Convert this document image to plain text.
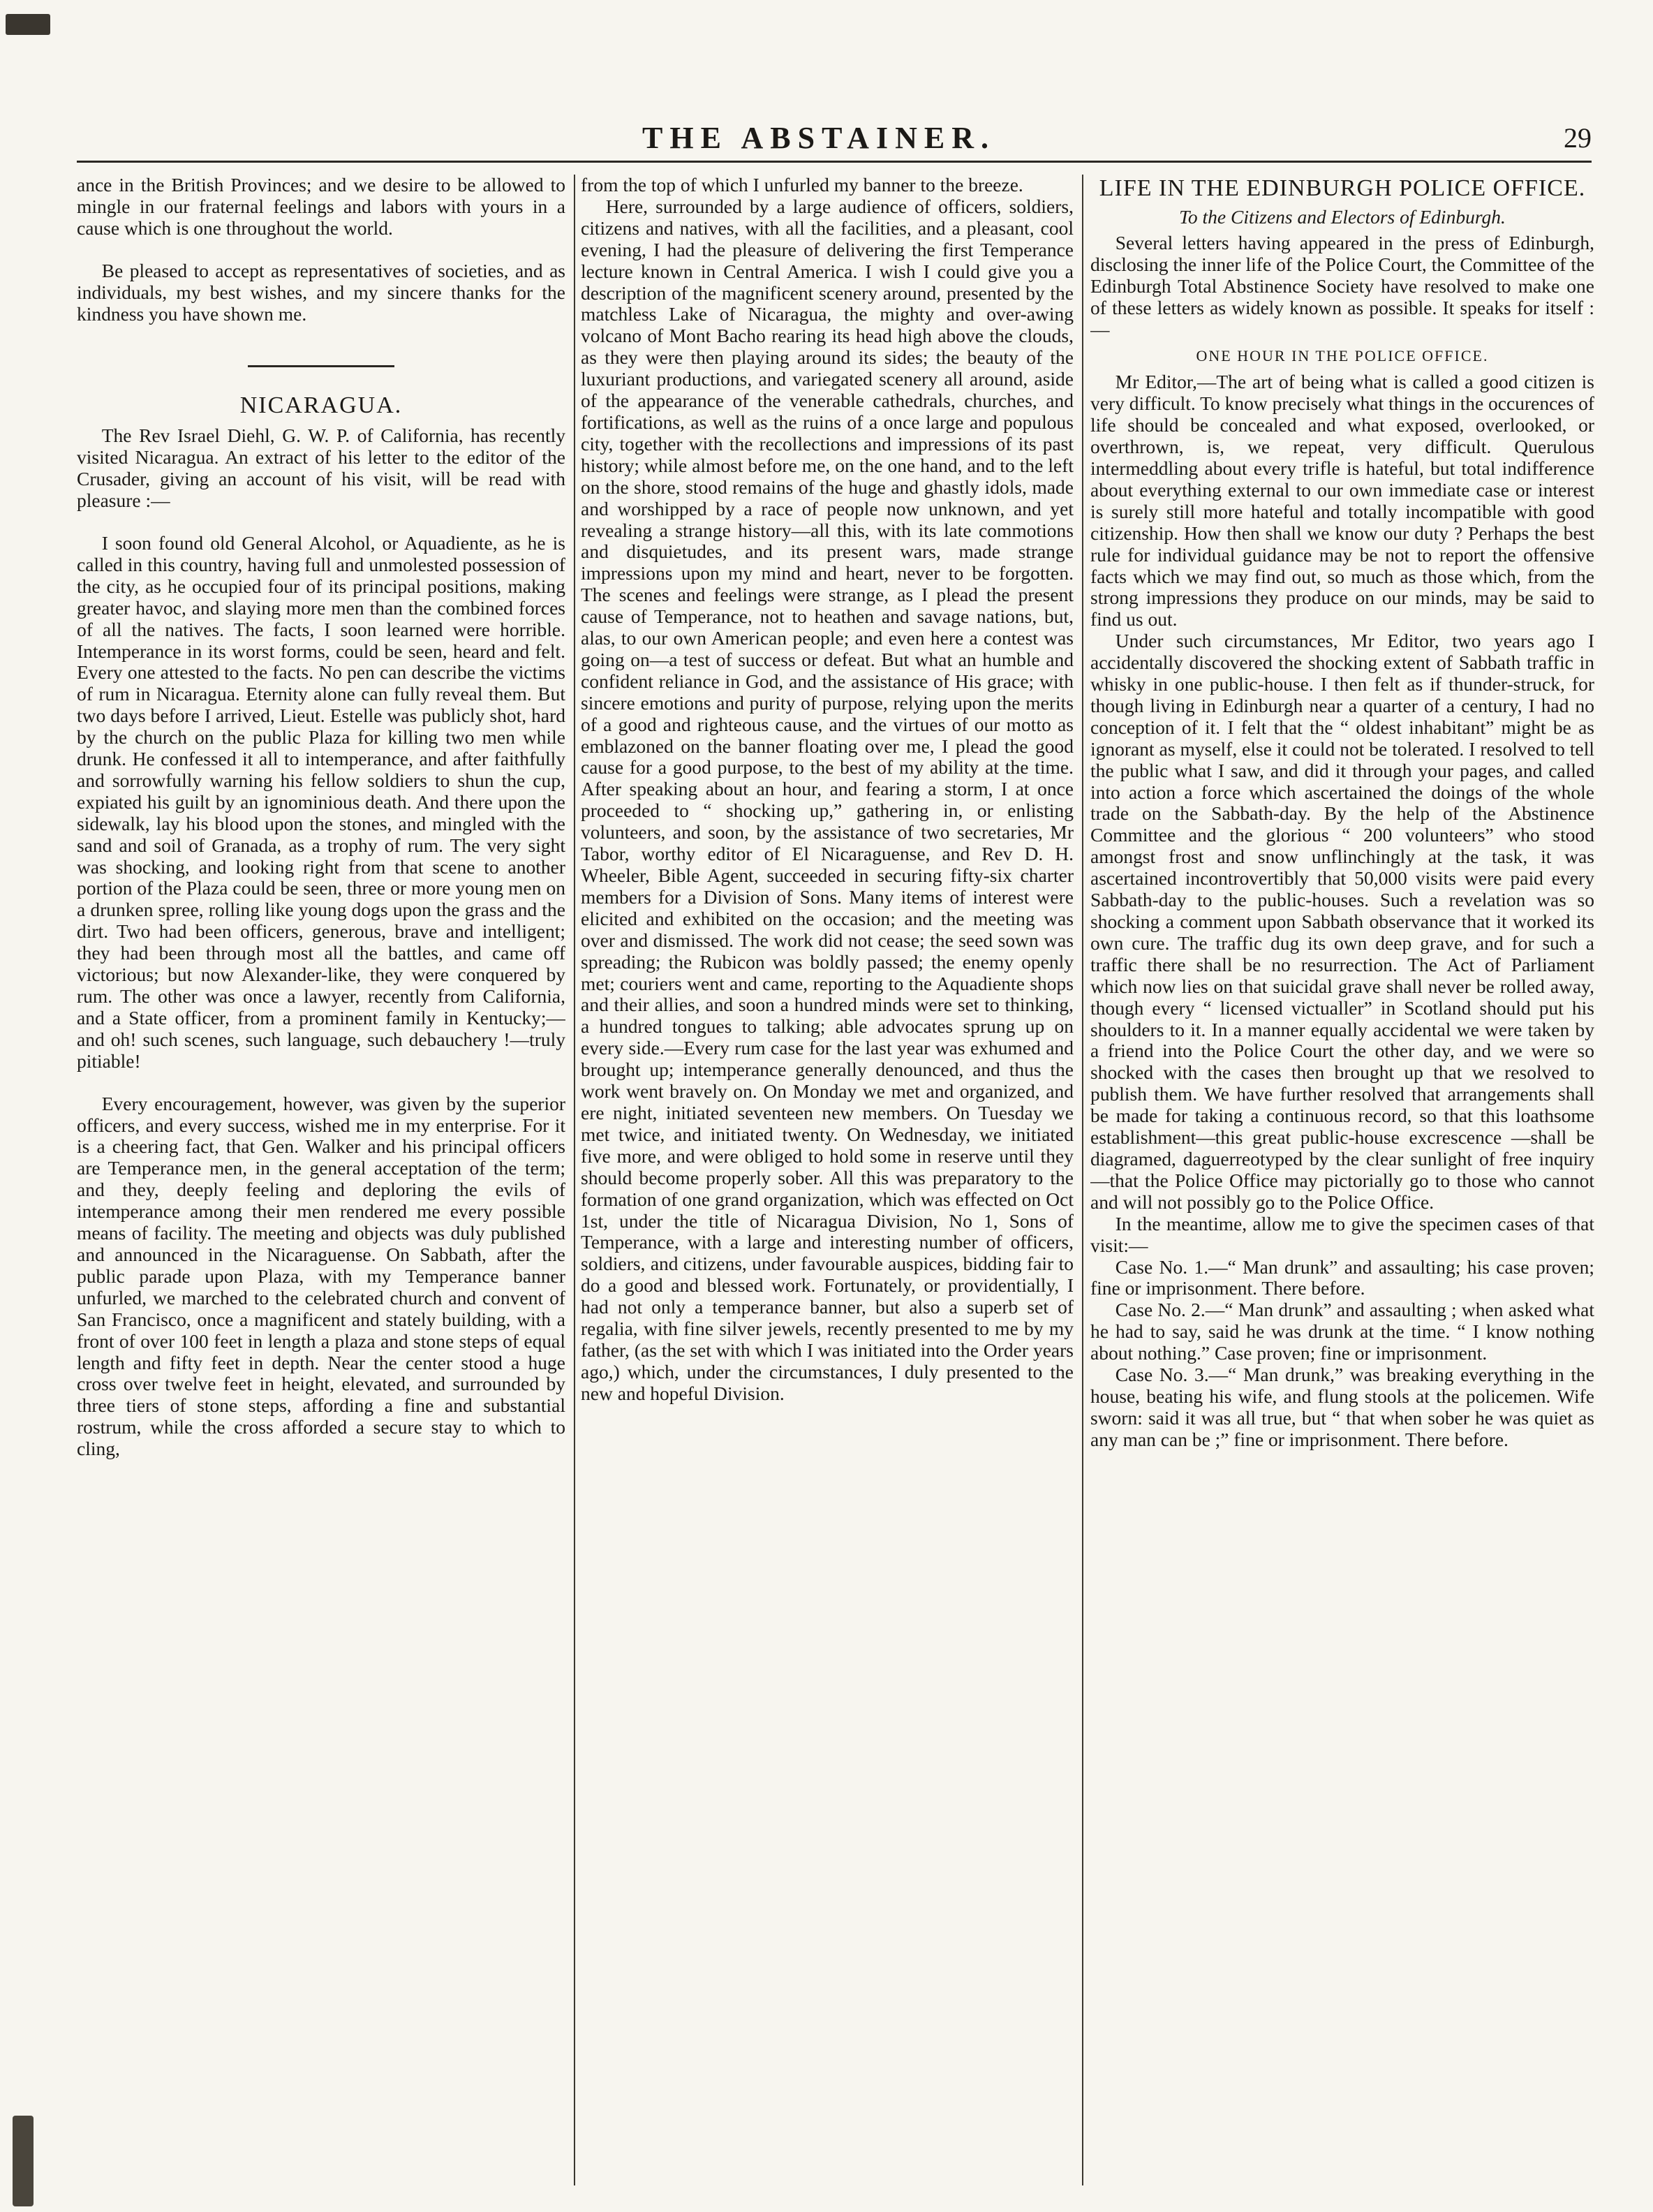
THE ABSTAINER.	29

ance in the British Provinces; and we desire to be allowed to mingle in our fraternal feelings and labors with yours in a cause which is one throughout the world.

Be pleased to accept as representatives of societies, and as individuals, my best wishes, and my sincere thanks for the kindness you have shown me.

NICARAGUA.

The Rev Israel Diehl, G. W. P. of California, has recently visited Nicaragua. An extract of his letter to the editor of the Crusader, giving an account of his visit, will be read with pleasure :—

I soon found old General Alcohol, or Aquadiente, as he is called in this country, having full and unmolested possession of the city, as he occupied four of its principal positions, making greater havoc, and slaying more men than the combined forces of all the natives. The facts, I soon learned were horrible. Intemperance in its worst forms, could be seen, heard and felt. Every one attested to the facts. No pen can describe the victims of rum in Nicaragua. Eternity alone can fully reveal them. But two days before I arrived, Lieut. Estelle was publicly shot, hard by the church on the public Plaza for killing two men while drunk. He confessed it all to intemperance, and after faithfully and sorrowfully warning his fellow soldiers to shun the cup, expiated his guilt by an ignominious death. And there upon the sidewalk, lay his blood upon the stones, and mingled with the sand and soil of Granada, as a trophy of rum. The very sight was shocking, and looking right from that scene to another portion of the Plaza could be seen, three or more young men on a drunken spree, rolling like young dogs upon the grass and the dirt. Two had been officers, generous, brave and intelligent; they had been through most all the battles, and came off victorious; but now Alexander-like, they were conquered by rum. The other was once a lawyer, recently from California, and a State officer, from a prominent family in Kentucky;—and oh! such scenes, such language, such debauchery !—truly pitiable!

Every encouragement, however, was given by the superior officers, and every success, wished me in my enterprise. For it is a cheering fact, that Gen. Walker and his principal officers are Temperance men, in the general acceptation of the term; and they, deeply feeling and deploring the evils of intemperance among their men rendered me every possible means of facility. The meeting and objects was duly published and announced in the Nicaraguense. On Sabbath, after the public parade upon Plaza, with my Temperance banner unfurled, we marched to the celebrated church and convent of San Francisco, once a magnificent and stately building, with a front of over 100 feet in length a plaza and stone steps of equal length and fifty feet in depth. Near the center stood a huge cross over twelve feet in height, elevated, and surrounded by three tiers of stone steps, affording a fine and substantial rostrum, while the cross afforded a secure stay to which to cling,

from the top of which I unfurled my banner to the breeze.

Here, surrounded by a large audience of officers, soldiers, citizens and natives, with all the facilities, and a pleasant, cool evening, I had the pleasure of delivering the first Temperance lecture known in Central America. I wish I could give you a description of the magnificent scenery around, presented by the matchless Lake of Nicaragua, the mighty and over-awing volcano of Mont Bacho rearing its head high above the clouds, as they were then playing around its sides; the beauty of the luxuriant productions, and variegated scenery all around, aside of the appearance of the venerable cathedrals, churches, and fortifications, as well as the ruins of a once large and populous city, together with the recollections and impressions of its past history; while almost before me, on the one hand, and to the left on the shore, stood remains of the huge and ghastly idols, made and worshipped by a race of people now unknown, and yet revealing a strange history—all this, with its late commotions and disquietudes, and its present wars, made strange impressions upon my mind and heart, never to be forgotten. The scenes and feelings were strange, as I plead the present cause of Temperance, not to heathen and savage nations, but, alas, to our own American people; and even here a contest was going on—a test of success or defeat. But what an humble and confident reliance in God, and the assistance of His grace; with sincere emotions and purity of purpose, relying upon the merits of a good and righteous cause, and the virtues of our motto as emblazoned on the banner floating over me, I plead the good cause for a good purpose, to the best of my ability at the time. After speaking about an hour, and fearing a storm, I at once proceeded to “ shocking up,” gathering in, or enlisting volunteers, and soon, by the assistance of two secretaries, Mr Tabor, worthy editor of El Nicaraguense, and Rev D. H. Wheeler, Bible Agent, succeeded in securing fifty-six charter members for a Division of Sons. Many items of interest were elicited and exhibited on the occasion; and the meeting was over and dismissed. The work did not cease; the seed sown was spreading; the Rubicon was boldly passed; the enemy openly met; couriers went and came, reporting to the Aquadiente shops and their allies, and soon a hundred minds were set to thinking, a hundred tongues to talking; able advocates sprung up on every side.—Every rum case for the last year was exhumed and brought up; intemperance generally denounced, and thus the work went bravely on. On Monday we met and organized, and ere night, initiated seventeen new members. On Tuesday we met twice, and initiated twenty. On Wednesday, we initiated five more, and were obliged to hold some in reserve until they should become properly sober. All this was preparatory to the formation of one grand organization, which was effected on Oct 1st, under the title of Nicaragua Division, No 1, Sons of Temperance, with a large and interesting number of officers, soldiers, and citizens, under favourable auspices, bidding fair to do a good and blessed work. Fortunately, or providentially, I had not only a temperance banner, but also a superb set of regalia, with fine silver jewels, recently presented to me by my father, (as the set with which I was initiated into the Order years ago,) which, under the circumstances, I duly presented to the new and hopeful Division.

LIFE IN THE EDINBURGH POLICE OFFICE.
To the Citizens and Electors of Edinburgh.

Several letters having appeared in the press of Edinburgh, disclosing the inner life of the Police Court, the Committee of the Edinburgh Total Abstinence Society have resolved to make one of these letters as widely known as possible. It speaks for itself :—

ONE HOUR IN THE POLICE OFFICE.

Mr Editor,—The art of being what is called a good citizen is very difficult. To know precisely what things in the occurences of life should be concealed and what exposed, overlooked, or overthrown, is, we repeat, very difficult. Querulous intermeddling about every trifle is hateful, but total indifference about everything external to our own immediate case or interest is surely still more hateful and totally incompatible with good citizenship. How then shall we know our duty ? Perhaps the best rule for individual guidance may be not to report the offensive facts which we may find out, so much as those which, from the strong impressions they produce on our minds, may be said to find us out.

Under such circumstances, Mr Editor, two years ago I accidentally discovered the shocking extent of Sabbath traffic in whisky in one public-house. I then felt as if thunder-struck, for though living in Edinburgh near a quarter of a century, I had no conception of it. I felt that the “ oldest inhabitant” might be as ignorant as myself, else it could not be tolerated. I resolved to tell the public what I saw, and did it through your pages, and called into action a force which ascertained the doings of the whole trade on the Sabbath-day. By the help of the Abstinence Committee and the glorious “ 200 volunteers” who stood amongst frost and snow unflinchingly at the task, it was ascertained incontrovertibly that 50,000 visits were paid every Sabbath-day to the public-houses. Such a revelation was so shocking a comment upon Sabbath observance that it worked its own cure. The traffic dug its own deep grave, and for such a traffic there shall be no resurrection. The Act of Parliament which now lies on that suicidal grave shall never be rolled away, though every “ licensed victualler” in Scotland should put his shoulders to it. In a manner equally accidental we were taken by a friend into the Police Court the other day, and we were so shocked with the cases then brought up that we resolved to publish them. We have further resolved that arrangements shall be made for taking a continuous record, so that this loathsome establishment—this great public-house excrescence —shall be diagramed, daguerreotyped by the clear sunlight of free inquiry—that the Police Office may pictorially go to those who cannot and will not possibly go to the Police Office.

In the meantime, allow me to give the specimen cases of that visit:—

Case No. 1.—“ Man drunk” and assaulting; his case proven; fine or imprisonment. There before.

Case No. 2.—“ Man drunk” and assaulting ; when asked what he had to say, said he was drunk at the time. “ I know nothing about nothing.” Case proven; fine or imprisonment.

Case No. 3.—“ Man drunk,” was breaking everything in the house, beating his wife, and flung stools at the policemen. Wife sworn: said it was all true, but “ that when sober he was quiet as any man can be ;” fine or imprisonment. There before.
